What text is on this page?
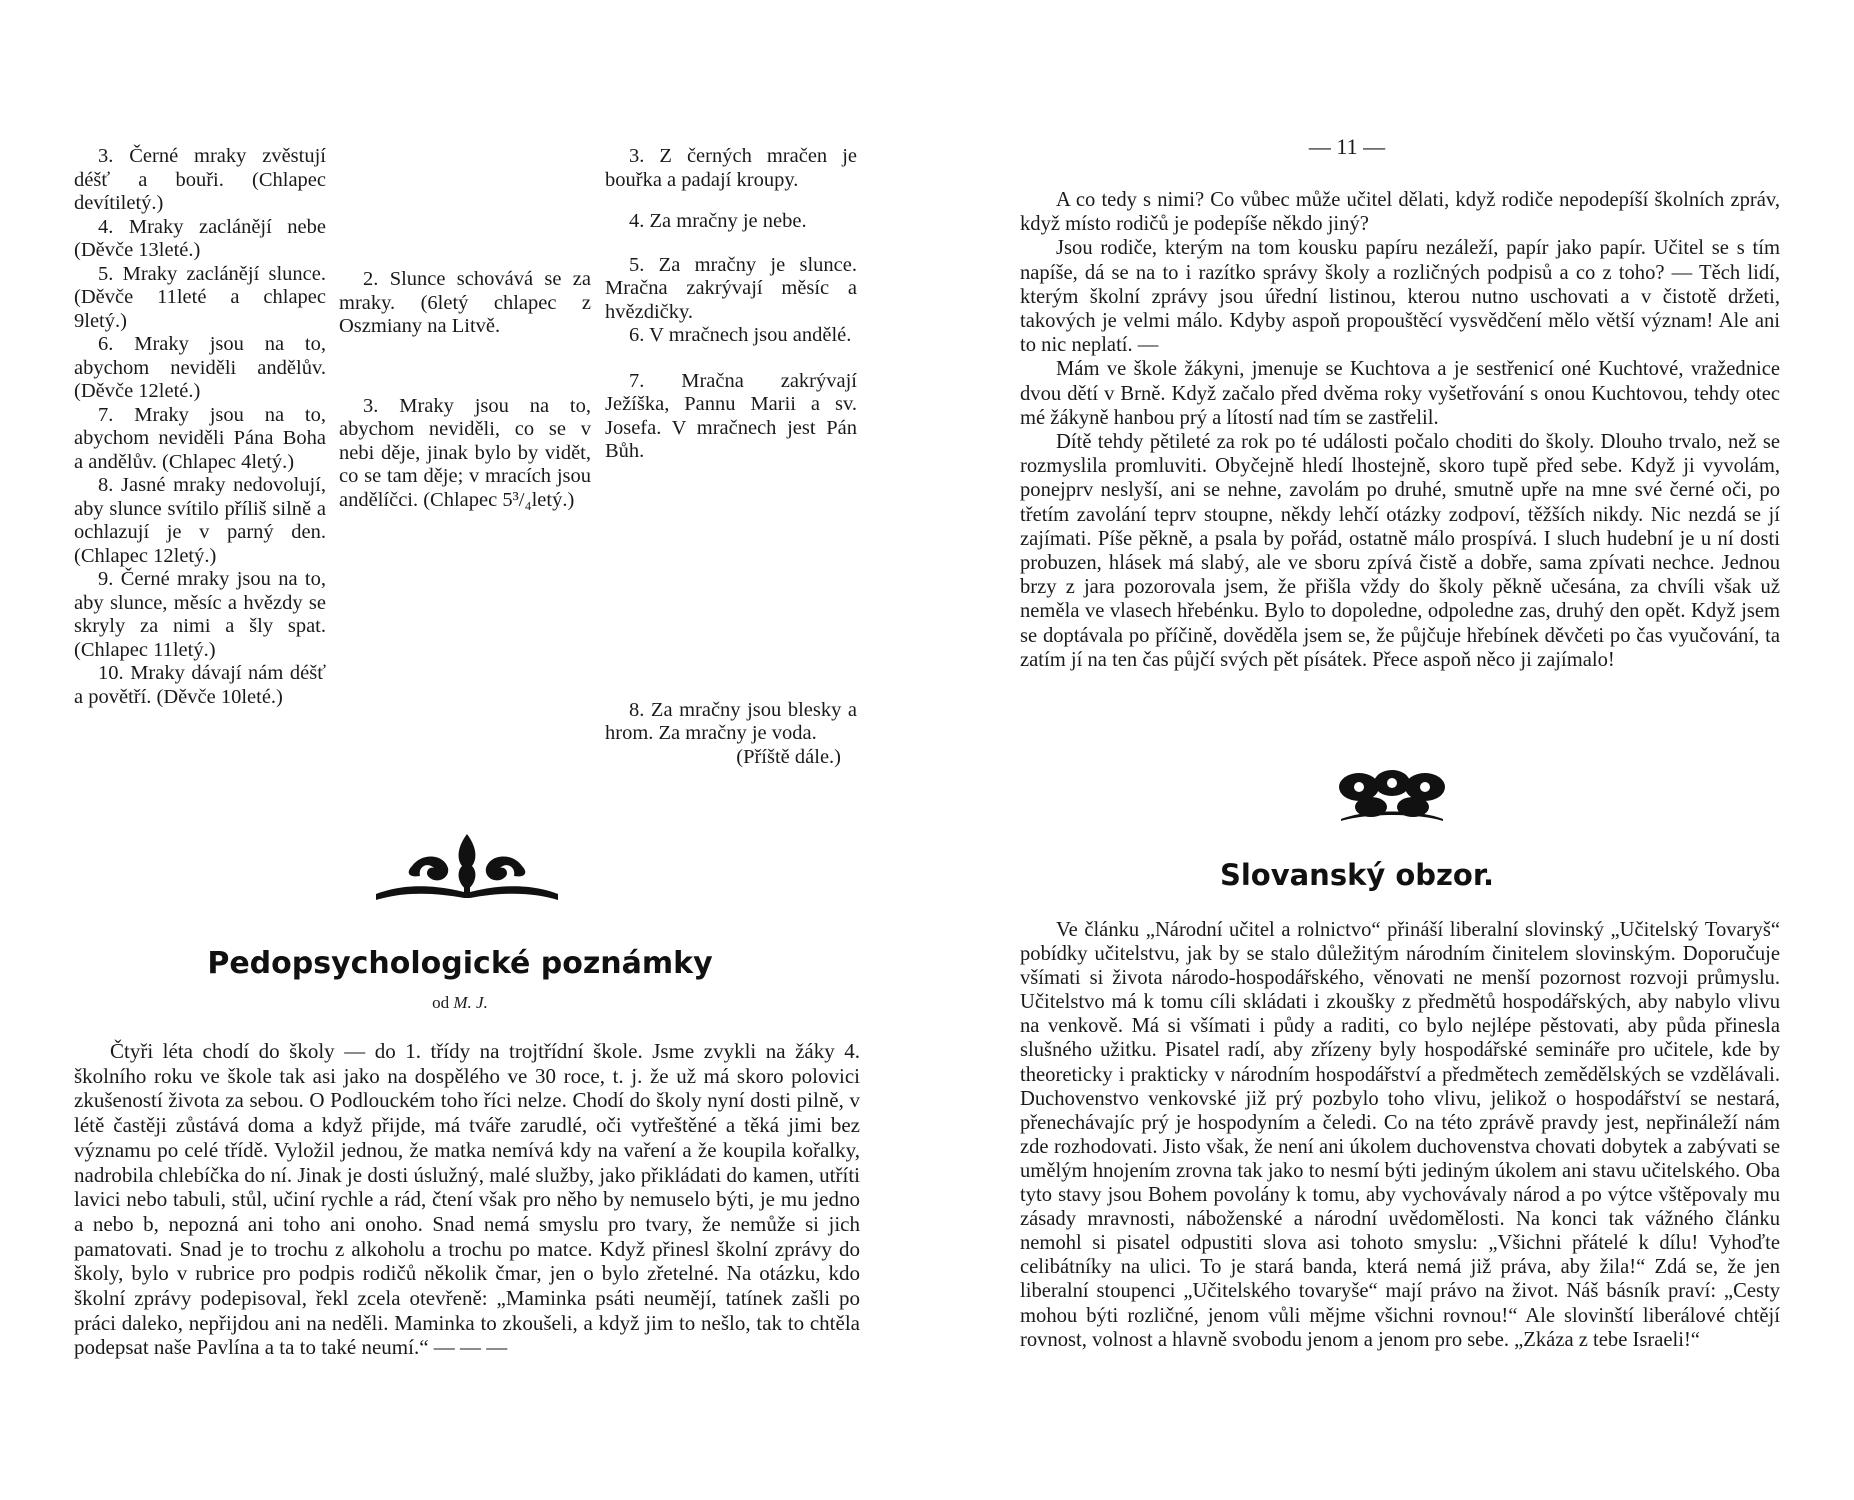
3. Černé mraky zvěstují déšť a bouři. (Chlapec devítiletý.)

4. Mraky zaclánějí nebe (Děvče 13leté.)

5. Mraky zaclánějí slunce. (Děvče 11leté a chlapec 9letý.)

6. Mraky jsou na to, abychom neviděli andělův. (Děvče 12leté.)

7. Mraky jsou na to, abychom neviděli Pána Boha a andělův. (Chlapec 4letý.)

8. Jasné mraky nedovolují, aby slunce svítilo příliš silně a ochlazují je v parný den. (Chlapec 12letý.)

9. Černé mraky jsou na to, aby slunce, měsíc a hvězdy se skryly za nimi a šly spat. (Chlapec 11letý.)

10. Mraky dávají nám déšť a povětří. (Děvče 10leté.)

2. Slunce schovává se za mraky. (6letý chlapec z Oszmiany na Litvě.

3. Mraky jsou na to, abychom neviděli, co se v nebi děje, jinak bylo by vidět, co se tam děje; v mracích jsou andělíčci. (Chlapec 5³/₄letý.)

3. Z černých mračen je bouřka a padají kroupy.

4. Za mračny je nebe.

5. Za mračny je slunce. Mračna zakrývají měsíc a hvězdičky.

6. V mračnech jsou andělé.

7. Mračna zakrývají Ježíška, Pannu Marii a sv. Josefa. V mračnech jest Pán Bůh.

8. Za mračny jsou blesky a hrom. Za mračny je voda.

(Příště dále.)

Pedopsychologické poznámky
od M. J.

Čtyři léta chodí do školy — do 1. třídy na trojtřídní škole. Jsme zvykli na žáky 4. školního roku ve škole tak asi jako na dospělého ve 30 roce, t. j. že už má skoro polovici zkušeností života za sebou. O Podlouckém toho říci nelze. Chodí do školy nyní dosti pilně, v létě častěji zůstává doma a když přijde, má tváře zarudlé, oči vytřeštěné a těká jimi bez významu po celé třídě. Vyložil jednou, že matka nemívá kdy na vaření a že koupila kořalky, nadrobila chlebíčka do ní. Jinak je dosti úslužný, malé služby, jako přikládati do kamen, utříti lavici nebo tabuli, stůl, učiní rychle a rád, čtení však pro něho by nemuselo býti, je mu jedno a nebo b, nepozná ani toho ani onoho. Snad nemá smyslu pro tvary, že nemůže si jich pamatovati. Snad je to trochu z alkoholu a trochu po matce. Když přinesl školní zprávy do školy, bylo v rubrice pro podpis rodičů několik čmar, jen o bylo zřetelné. Na otázku, kdo školní zprávy podepisoval, řekl zcela otevřeně: „Maminka psáti neumějí, tatínek zašli po práci daleko, nepřijdou ani na neděli. Maminka to zkoušeli, a když jim to nešlo, tak to chtěla podepsat naše Pavlína a ta to také neumí.“ — — —

— 11 —

A co tedy s nimi? Co vůbec může učitel dělati, když rodiče nepodepíší školních zpráv, když místo rodičů je podepíše někdo jiný?

Jsou rodiče, kterým na tom kousku papíru nezáleží, papír jako papír. Učitel se s tím napíše, dá se na to i razítko správy školy a rozličných podpisů a co z toho? — Těch lidí, kterým školní zprávy jsou úřední listinou, kterou nutno uschovati a v čistotě držeti, takových je velmi málo. Kdyby aspoň propouštěcí vysvědčení mělo větší význam! Ale ani to nic neplatí. —

Mám ve škole žákyni, jmenuje se Kuchtova a je sestřenicí oné Kuchtové, vražednice dvou dětí v Brně. Když začalo před dvěma roky vyšetřování s onou Kuchtovou, tehdy otec mé žákyně hanbou prý a lítostí nad tím se zastřelil.

Dítě tehdy pětileté za rok po té události počalo choditi do školy. Dlouho trvalo, než se rozmyslila promluviti. Obyčejně hledí lhostejně, skoro tupě před sebe. Když ji vyvolám, ponejprv neslyší, ani se nehne, zavolám po druhé, smutně upře na mne své černé oči, po třetím zavolání teprv stoupne, někdy lehčí otázky zodpoví, těžších nikdy. Nic nezdá se jí zajímati. Píše pěkně, a psala by pořád, ostatně málo prospívá. I sluch hudební je u ní dosti probuzen, hlásek má slabý, ale ve sboru zpívá čistě a dobře, sama zpívati nechce. Jednou brzy z jara pozorovala jsem, že přišla vždy do školy pěkně učesána, za chvíli však už neměla ve vlasech hřebénku. Bylo to dopoledne, odpoledne zas, druhý den opět. Když jsem se doptávala po příčině, dověděla jsem se, že půjčuje hřebínek děvčeti po čas vyučování, ta zatím jí na ten čas půjčí svých pět písátek. Přece aspoň něco ji zajímalo!

Slovanský obzor.

Ve článku „Národní učitel a rolnictvo“ přináší liberalní slovinský „Učitelský Tovaryš“ pobídky učitelstvu, jak by se stalo důležitým národním činitelem slovinským. Doporučuje všímati si života národo-hospodářského, věnovati ne menší pozornost rozvoji průmyslu. Učitelstvo má k tomu cíli skládati i zkoušky z předmětů hospodářských, aby nabylo vlivu na venkově. Má si všímati i půdy a raditi, co bylo nejlépe pěstovati, aby půda přinesla slušného užitku. Pisatel radí, aby zřízeny byly hospodářské semináře pro učitele, kde by theoreticky i prakticky v národním hospodářství a předmětech zemědělských se vzdělávali. Duchovenstvo venkovské již prý pozbylo toho vlivu, jelikož o hospodářství se nestará, přenechávajíc prý je hospodyním a čeledi. Co na této zprávě pravdy jest, nepřináleží nám zde rozhodovati. Jisto však, že není ani úkolem duchovenstva chovati dobytek a zabývati se umělým hnojením zrovna tak jako to nesmí býti jediným úkolem ani stavu učitelského. Oba tyto stavy jsou Bohem povolány k tomu, aby vychovávaly národ a po výtce vštěpovaly mu zásady mravnosti, náboženské a národní uvědomělosti. Na konci tak vážného článku nemohl si pisatel odpustiti slova asi tohoto smyslu: „Všichni přátelé k dílu! Vyhoďte celibátníky na ulici. To je stará banda, která nemá již práva, aby žila!“ Zdá se, že jen liberalní stoupenci „Učitelského tovaryše“ mají právo na život. Náš básník praví: „Cesty mohou býti rozličné, jenom vůli mějme všichni rovnou!“ Ale slovinští liberálové chtějí rovnost, volnost a hlavně svobodu jenom a jenom pro sebe. „Zkáza z tebe Israeli!“
